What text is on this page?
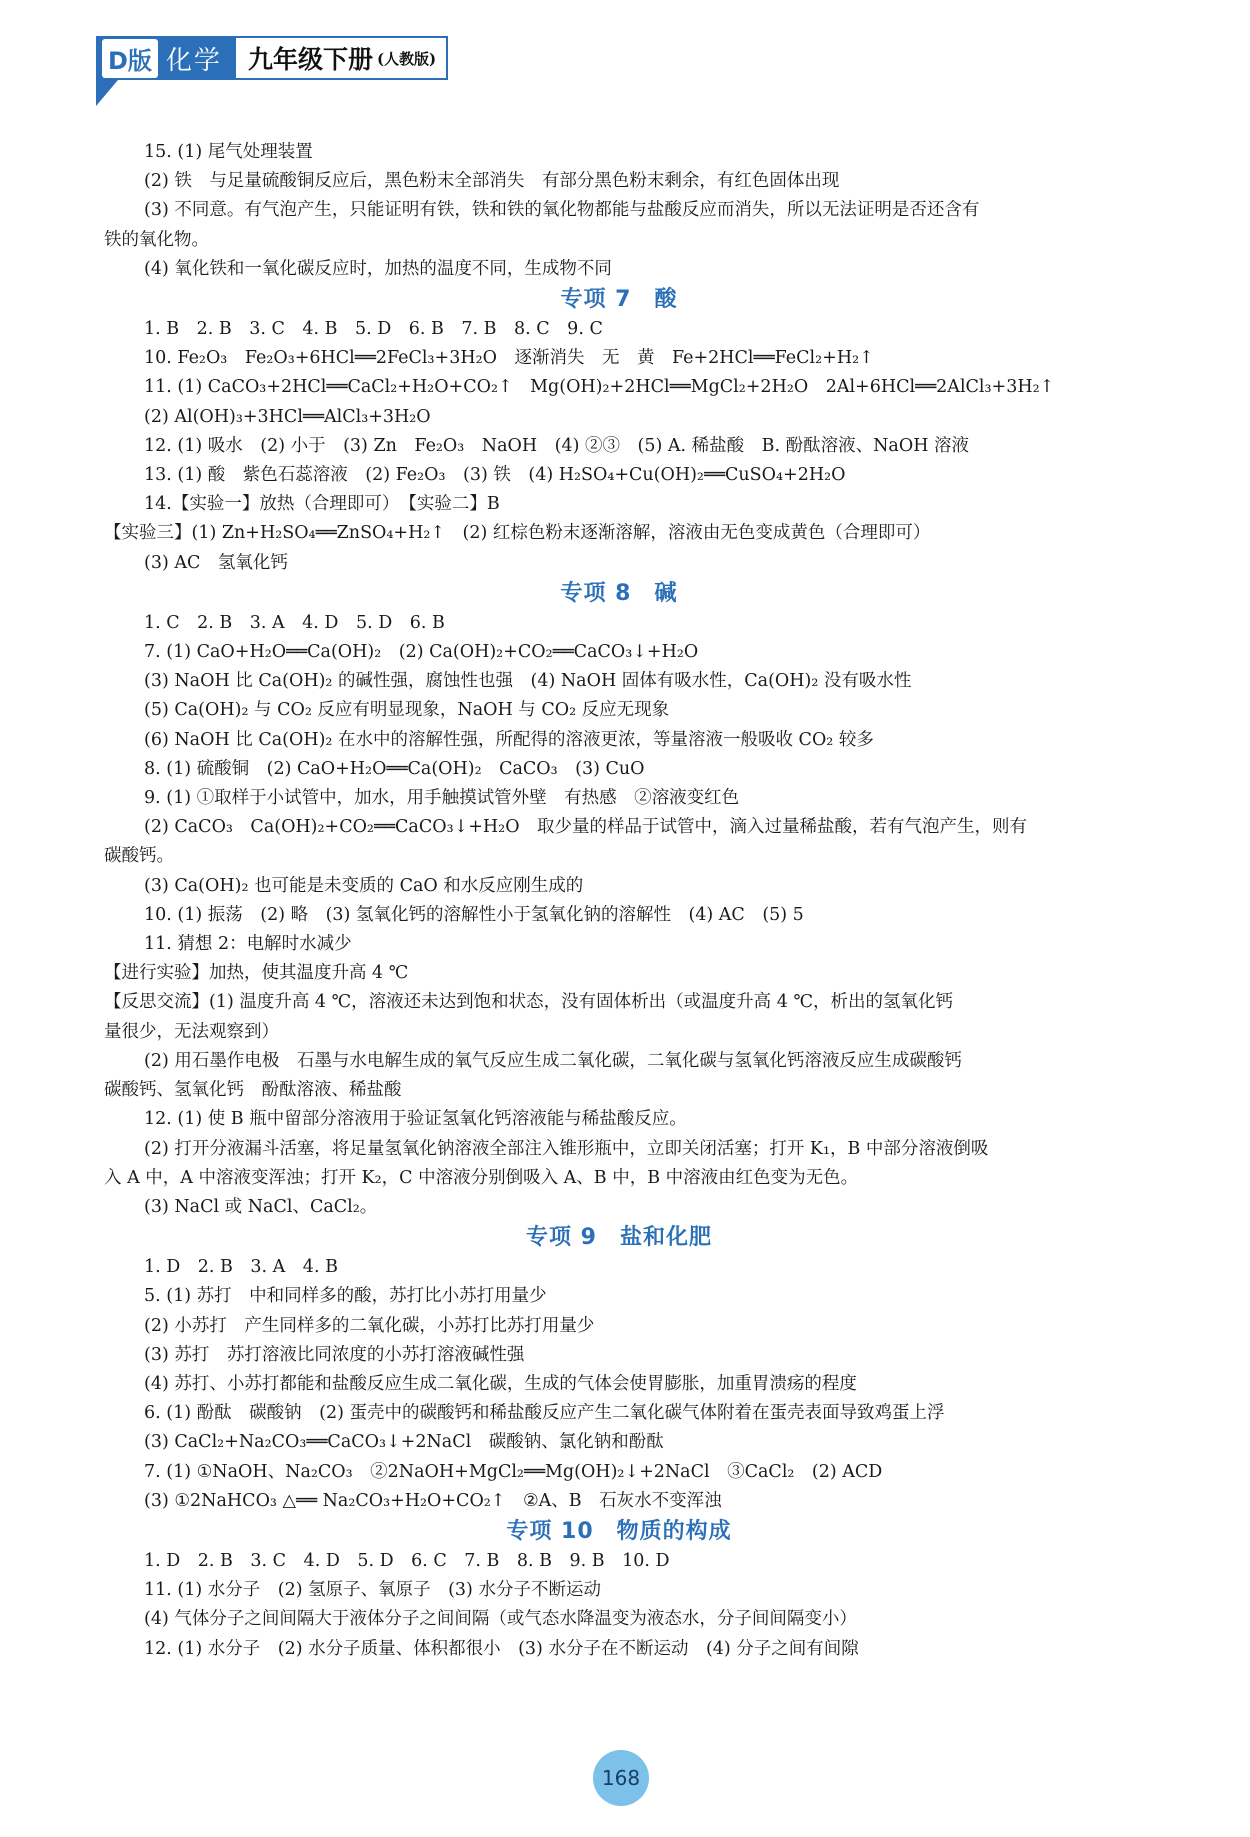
D版 化学 九年级下册 (人教版)
15. (1) 尾气处理装置
(2) 铁　与足量硫酸铜反应后，黑色粉末全部消失　有部分黑色粉末剩余，有红色固体出现
(3) 不同意。有气泡产生，只能证明有铁，铁和铁的氧化物都能与盐酸反应而消失，所以无法证明是否还含有
铁的氧化物。
(4) 氧化铁和一氧化碳反应时，加热的温度不同，生成物不同
专项 7　酸
1. B　2. B　3. C　4. B　5. D　6. B　7. B　8. C　9. C
10. Fe₂O₃　Fe₂O₃+6HCl══2FeCl₃+3H₂O　逐渐消失　无　黄　Fe+2HCl══FeCl₂+H₂↑
11. (1) CaCO₃+2HCl══CaCl₂+H₂O+CO₂↑　Mg(OH)₂+2HCl══MgCl₂+2H₂O　2Al+6HCl══2AlCl₃+3H₂↑
(2) Al(OH)₃+3HCl══AlCl₃+3H₂O
12. (1) 吸水　(2) 小于　(3) Zn　Fe₂O₃　NaOH　(4) ②③　(5) A. 稀盐酸　B. 酚酞溶液、NaOH 溶液
13. (1) 酸　紫色石蕊溶液　(2) Fe₂O₃　(3) 铁　(4) H₂SO₄+Cu(OH)₂══CuSO₄+2H₂O
14.【实验一】放热（合理即可）　【实验二】B
【实验三】(1) Zn+H₂SO₄══ZnSO₄+H₂↑　(2) 红棕色粉末逐渐溶解，溶液由无色变成黄色（合理即可）
(3) AC　氢氧化钙
专项 8　碱
1. C　2. B　3. A　4. D　5. D　6. B
7. (1) CaO+H₂O══Ca(OH)₂　(2) Ca(OH)₂+CO₂══CaCO₃↓+H₂O
(3) NaOH 比 Ca(OH)₂ 的碱性强，腐蚀性也强　(4) NaOH 固体有吸水性，Ca(OH)₂ 没有吸水性
(5) Ca(OH)₂ 与 CO₂ 反应有明显现象，NaOH 与 CO₂ 反应无现象
(6) NaOH 比 Ca(OH)₂ 在水中的溶解性强，所配得的溶液更浓，等量溶液一般吸收 CO₂ 较多
8. (1) 硫酸铜　(2) CaO+H₂O══Ca(OH)₂　CaCO₃　(3) CuO
9. (1) ①取样于小试管中，加水，用手触摸试管外壁　有热感　②溶液变红色
(2) CaCO₃　Ca(OH)₂+CO₂══CaCO₃↓+H₂O　取少量的样品于试管中，滴入过量稀盐酸，若有气泡产生，则有
碳酸钙。
(3) Ca(OH)₂ 也可能是未变质的 CaO 和水反应刚生成的
10. (1) 振荡　(2) 略　(3) 氢氧化钙的溶解性小于氢氧化钠的溶解性　(4) AC　(5) 5
11. 猜想 2：电解时水减少
【进行实验】加热，使其温度升高 4 ℃
【反思交流】(1) 温度升高 4 ℃，溶液还未达到饱和状态，没有固体析出（或温度升高 4 ℃，析出的氢氧化钙
量很少，无法观察到）
(2) 用石墨作电极　石墨与水电解生成的氧气反应生成二氧化碳，二氧化碳与氢氧化钙溶液反应生成碳酸钙
碳酸钙、氢氧化钙　酚酞溶液、稀盐酸
12. (1) 使 B 瓶中留部分溶液用于验证氢氧化钙溶液能与稀盐酸反应。
(2) 打开分液漏斗活塞，将足量氢氧化钠溶液全部注入锥形瓶中，立即关闭活塞；打开 K₁，B 中部分溶液倒吸
入 A 中，A 中溶液变浑浊；打开 K₂，C 中溶液分别倒吸入 A、B 中，B 中溶液由红色变为无色。
(3) NaCl 或 NaCl、CaCl₂。
专项 9　盐和化肥
1. D　2. B　3. A　4. B
5. (1) 苏打　中和同样多的酸，苏打比小苏打用量少
(2) 小苏打　产生同样多的二氧化碳，小苏打比苏打用量少
(3) 苏打　苏打溶液比同浓度的小苏打溶液碱性强
(4) 苏打、小苏打都能和盐酸反应生成二氧化碳，生成的气体会使胃膨胀，加重胃溃疡的程度
6. (1) 酚酞　碳酸钠　(2) 蛋壳中的碳酸钙和稀盐酸反应产生二氧化碳气体附着在蛋壳表面导致鸡蛋上浮
(3) CaCl₂+Na₂CO₃══CaCO₃↓+2NaCl　碳酸钠、氯化钠和酚酞
7. (1) ①NaOH、Na₂CO₃　②2NaOH+MgCl₂══Mg(OH)₂↓+2NaCl　③CaCl₂　(2) ACD
(3) ①2NaHCO₃ △══ Na₂CO₃+H₂O+CO₂↑　②A、B　石灰水不变浑浊
专项 10　物质的构成
1. D　2. B　3. C　4. D　5. D　6. C　7. B　8. B　9. B　10. D
11. (1) 水分子　(2) 氢原子、氧原子　(3) 水分子不断运动
(4) 气体分子之间间隔大于液体分子之间间隔（或气态水降温变为液态水，分子间间隔变小）
12. (1) 水分子　(2) 水分子质量、体积都很小　(3) 水分子在不断运动　(4) 分子之间有间隙
168
